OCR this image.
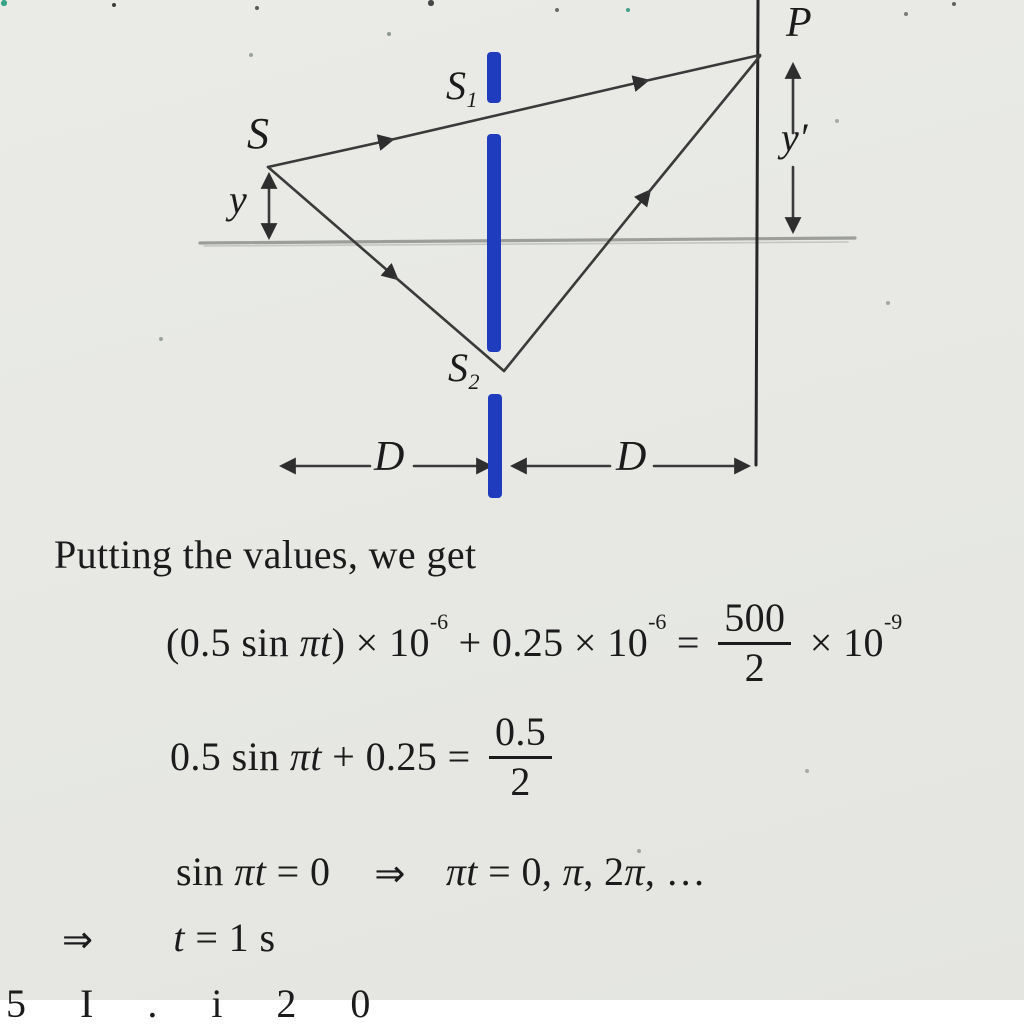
P
S
$S_1$
$S_2$
y
y′
D	D
Putting the values, we get
(0.5 $\sin \pi t) \times 10^{-6} + 0.25 \times 10^{-6} = \frac{500}{2} \times 10^{-9}$
0.5 $\sin \pi t + 0.25 = \frac{0.5}{2}$
sin πt = 0 ⇒ πt = 0, π, 2π, …
⇒ t = 1 s
5 I . i 2 0
